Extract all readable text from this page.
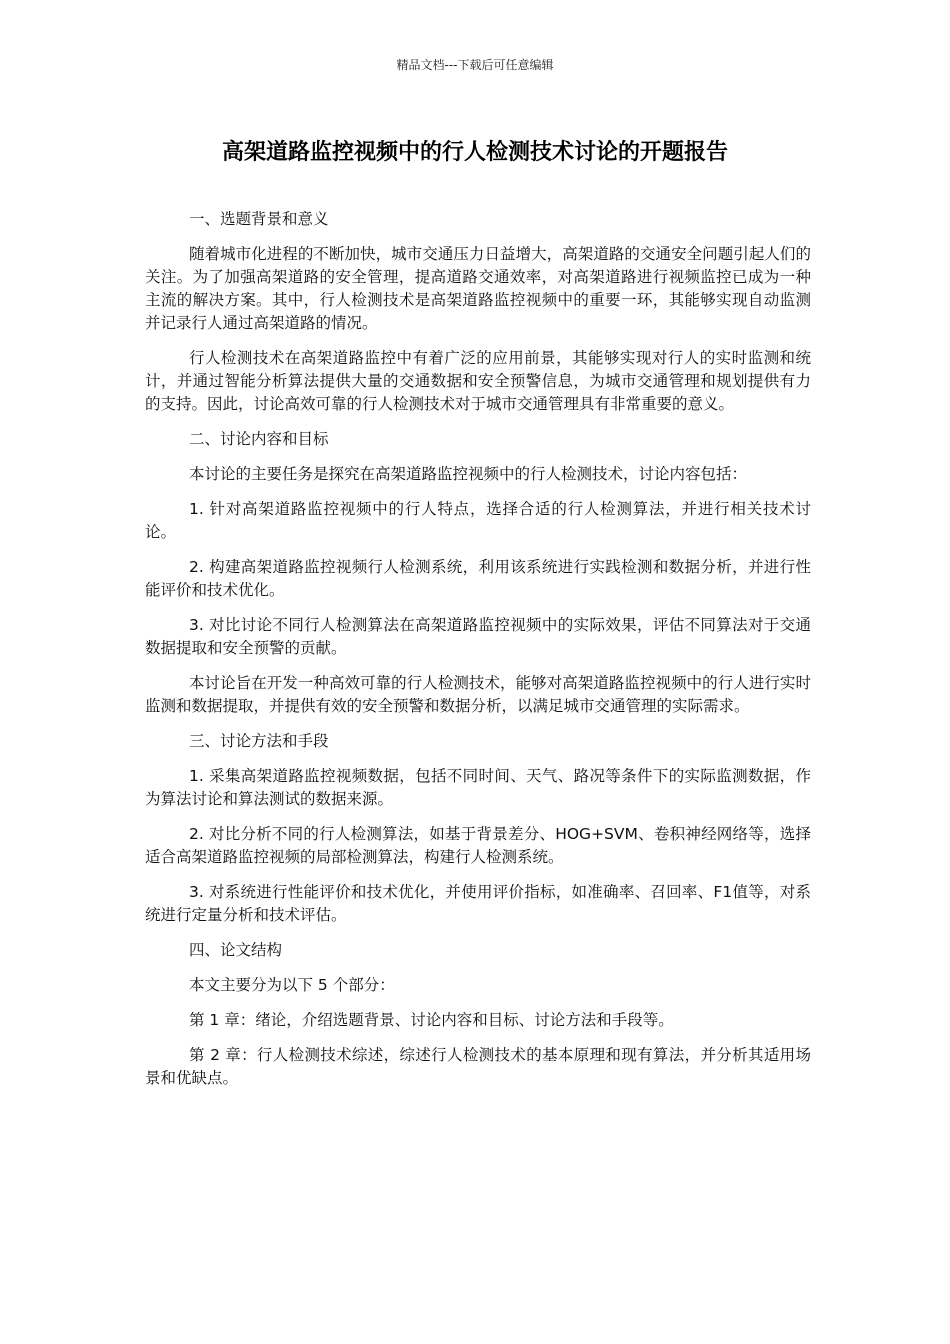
精品文档---下载后可任意编辑
高架道路监控视频中的行人检测技术讨论的开题报告

一、选题背景和意义

随着城市化进程的不断加快，城市交通压力日益增大，高架道路的交通安全问题引起人们的关注。为了加强高架道路的安全管理，提高道路交通效率，对高架道路进行视频监控已成为一种主流的解决方案。其中，行人检测技术是高架道路监控视频中的重要一环，其能够实现自动监测并记录行人通过高架道路的情况。

行人检测技术在高架道路监控中有着广泛的应用前景，其能够实现对行人的实时监测和统计，并通过智能分析算法提供大量的交通数据和安全预警信息，为城市交通管理和规划提供有力的支持。因此，讨论高效可靠的行人检测技术对于城市交通管理具有非常重要的意义。

二、讨论内容和目标

本讨论的主要任务是探究在高架道路监控视频中的行人检测技术，讨论内容包括：

1. 针对高架道路监控视频中的行人特点，选择合适的行人检测算法，并进行相关技术讨论。

2. 构建高架道路监控视频行人检测系统，利用该系统进行实践检测和数据分析，并进行性能评价和技术优化。

3. 对比讨论不同行人检测算法在高架道路监控视频中的实际效果，评估不同算法对于交通数据提取和安全预警的贡献。

本讨论旨在开发一种高效可靠的行人检测技术，能够对高架道路监控视频中的行人进行实时监测和数据提取，并提供有效的安全预警和数据分析，以满足城市交通管理的实际需求。

三、讨论方法和手段

1. 采集高架道路监控视频数据，包括不同时间、天气、路况等条件下的实际监测数据，作为算法讨论和算法测试的数据来源。

2. 对比分析不同的行人检测算法，如基于背景差分、HOG+SVM、卷积神经网络等，选择适合高架道路监控视频的局部检测算法，构建行人检测系统。

3. 对系统进行性能评价和技术优化，并使用评价指标，如准确率、召回率、F1值等，对系统进行定量分析和技术评估。

四、论文结构

本文主要分为以下 5 个部分：

第 1 章：绪论，介绍选题背景、讨论内容和目标、讨论方法和手段等。

第 2 章：行人检测技术综述，综述行人检测技术的基本原理和现有算法，并分析其适用场景和优缺点。
